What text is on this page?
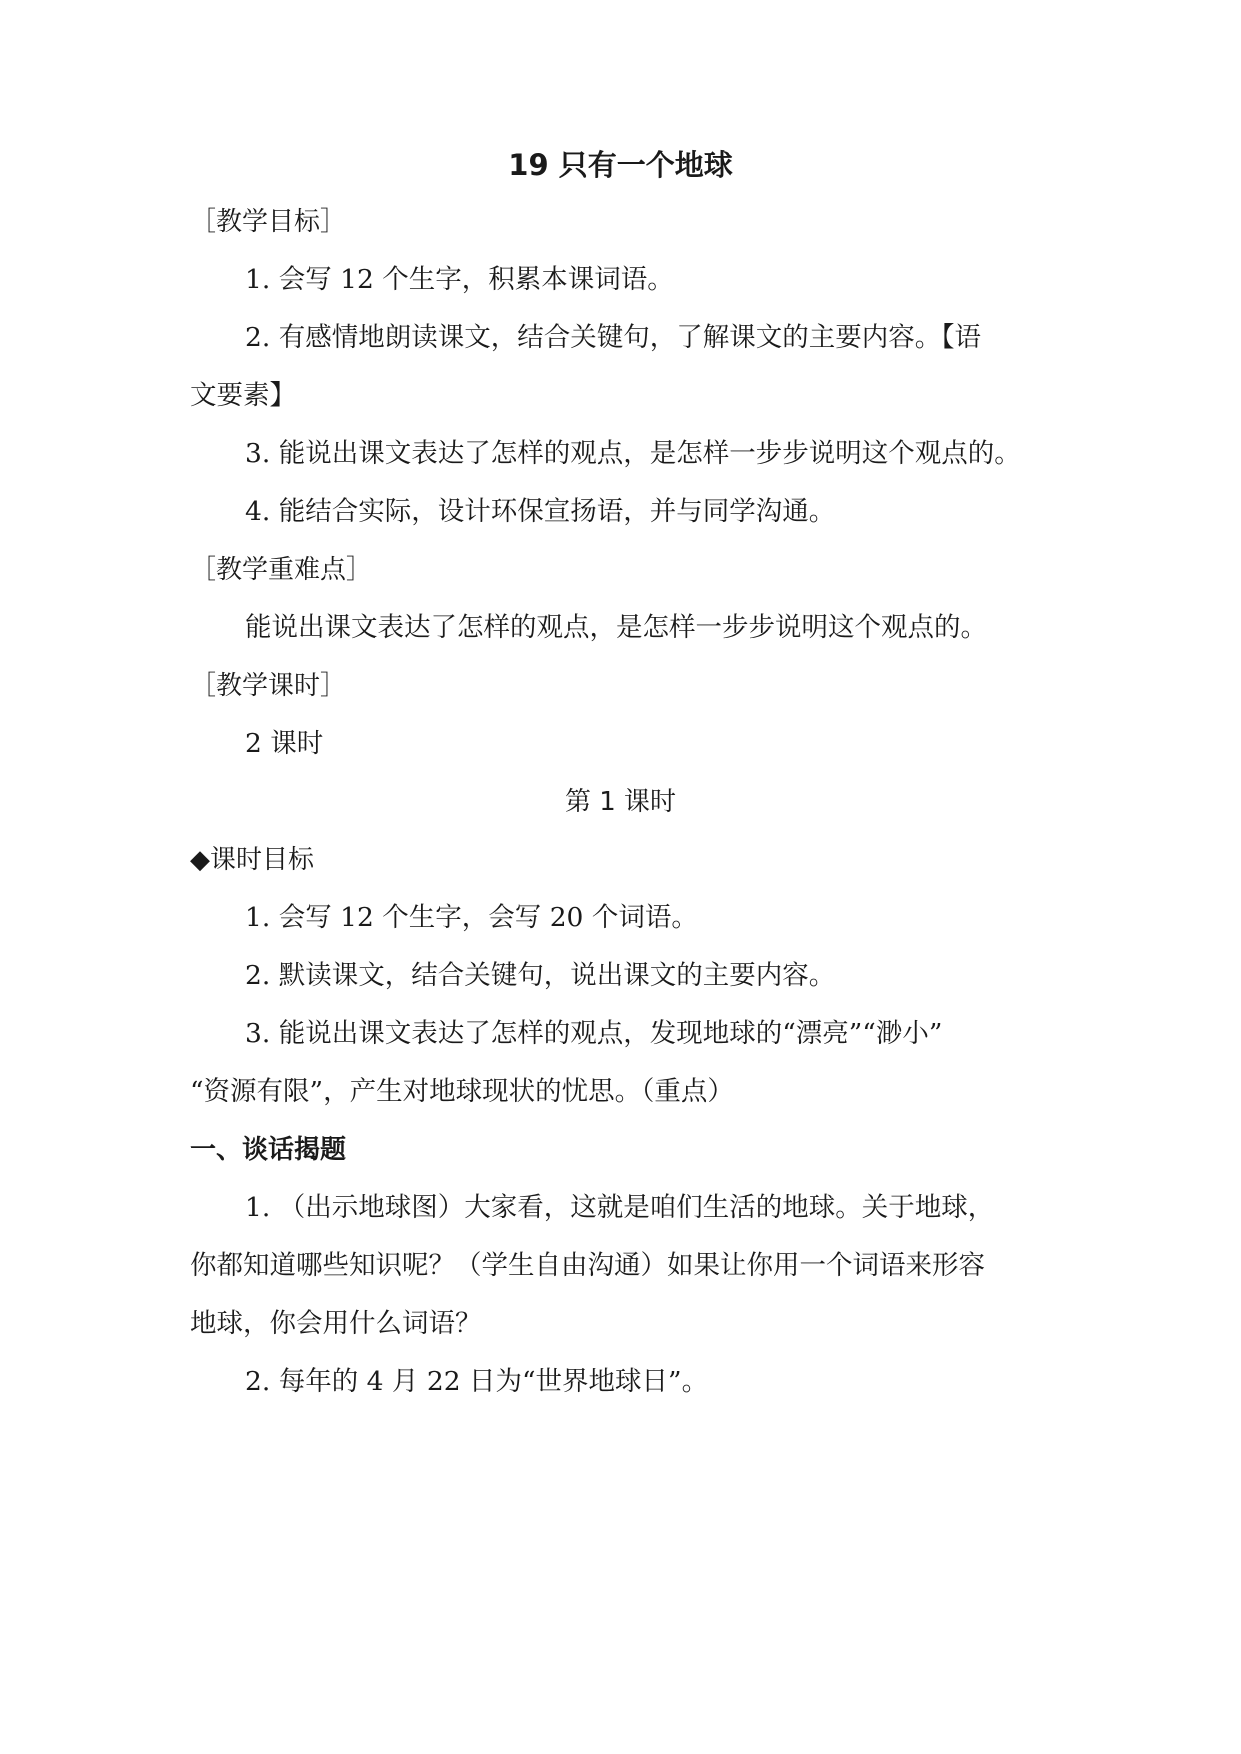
19 只有一个地球
［教学目标］
1. 会写 12 个生字，积累本课词语。
2. 有感情地朗读课文，结合关键句，了解课文的主要内容。【语
文要素】
3. 能说出课文表达了怎样的观点，是怎样一步步说明这个观点的。
4. 能结合实际，设计环保宣扬语，并与同学沟通。
［教学重难点］
能说出课文表达了怎样的观点，是怎样一步步说明这个观点的。
［教学课时］
2 课时
第 1 课时
◆课时目标
1. 会写 12 个生字，会写 20 个词语。
2. 默读课文，结合关键句，说出课文的主要内容。
3. 能说出课文表达了怎样的观点，发现地球的“漂亮”“渺小”
“资源有限”，产生对地球现状的忧思。（重点）
一、谈话揭题
1. （出示地球图）大家看，这就是咱们生活的地球。关于地球，
你都知道哪些知识呢？（学生自由沟通）如果让你用一个词语来形容
地球，你会用什么词语？
2. 每年的 4 月 22 日为“世界地球日”。
